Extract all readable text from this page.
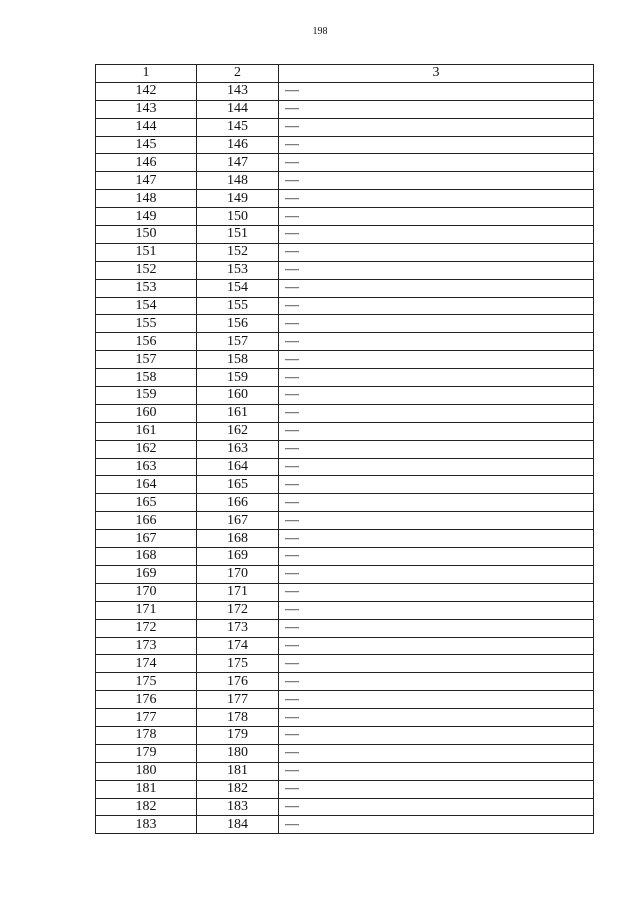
198
1	2	3
142	143	—
143	144	—
144	145	—
145	146	—
146	147	—
147	148	—
148	149	—
149	150	—
150	151	—
151	152	—
152	153	—
153	154	—
154	155	—
155	156	—
156	157	—
157	158	—
158	159	—
159	160	—
160	161	—
161	162	—
162	163	—
163	164	—
164	165	—
165	166	—
166	167	—
167	168	—
168	169	—
169	170	—
170	171	—
171	172	—
172	173	—
173	174	—
174	175	—
175	176	—
176	177	—
177	178	—
178	179	—
179	180	—
180	181	—
181	182	—
182	183	—
183	184	—
